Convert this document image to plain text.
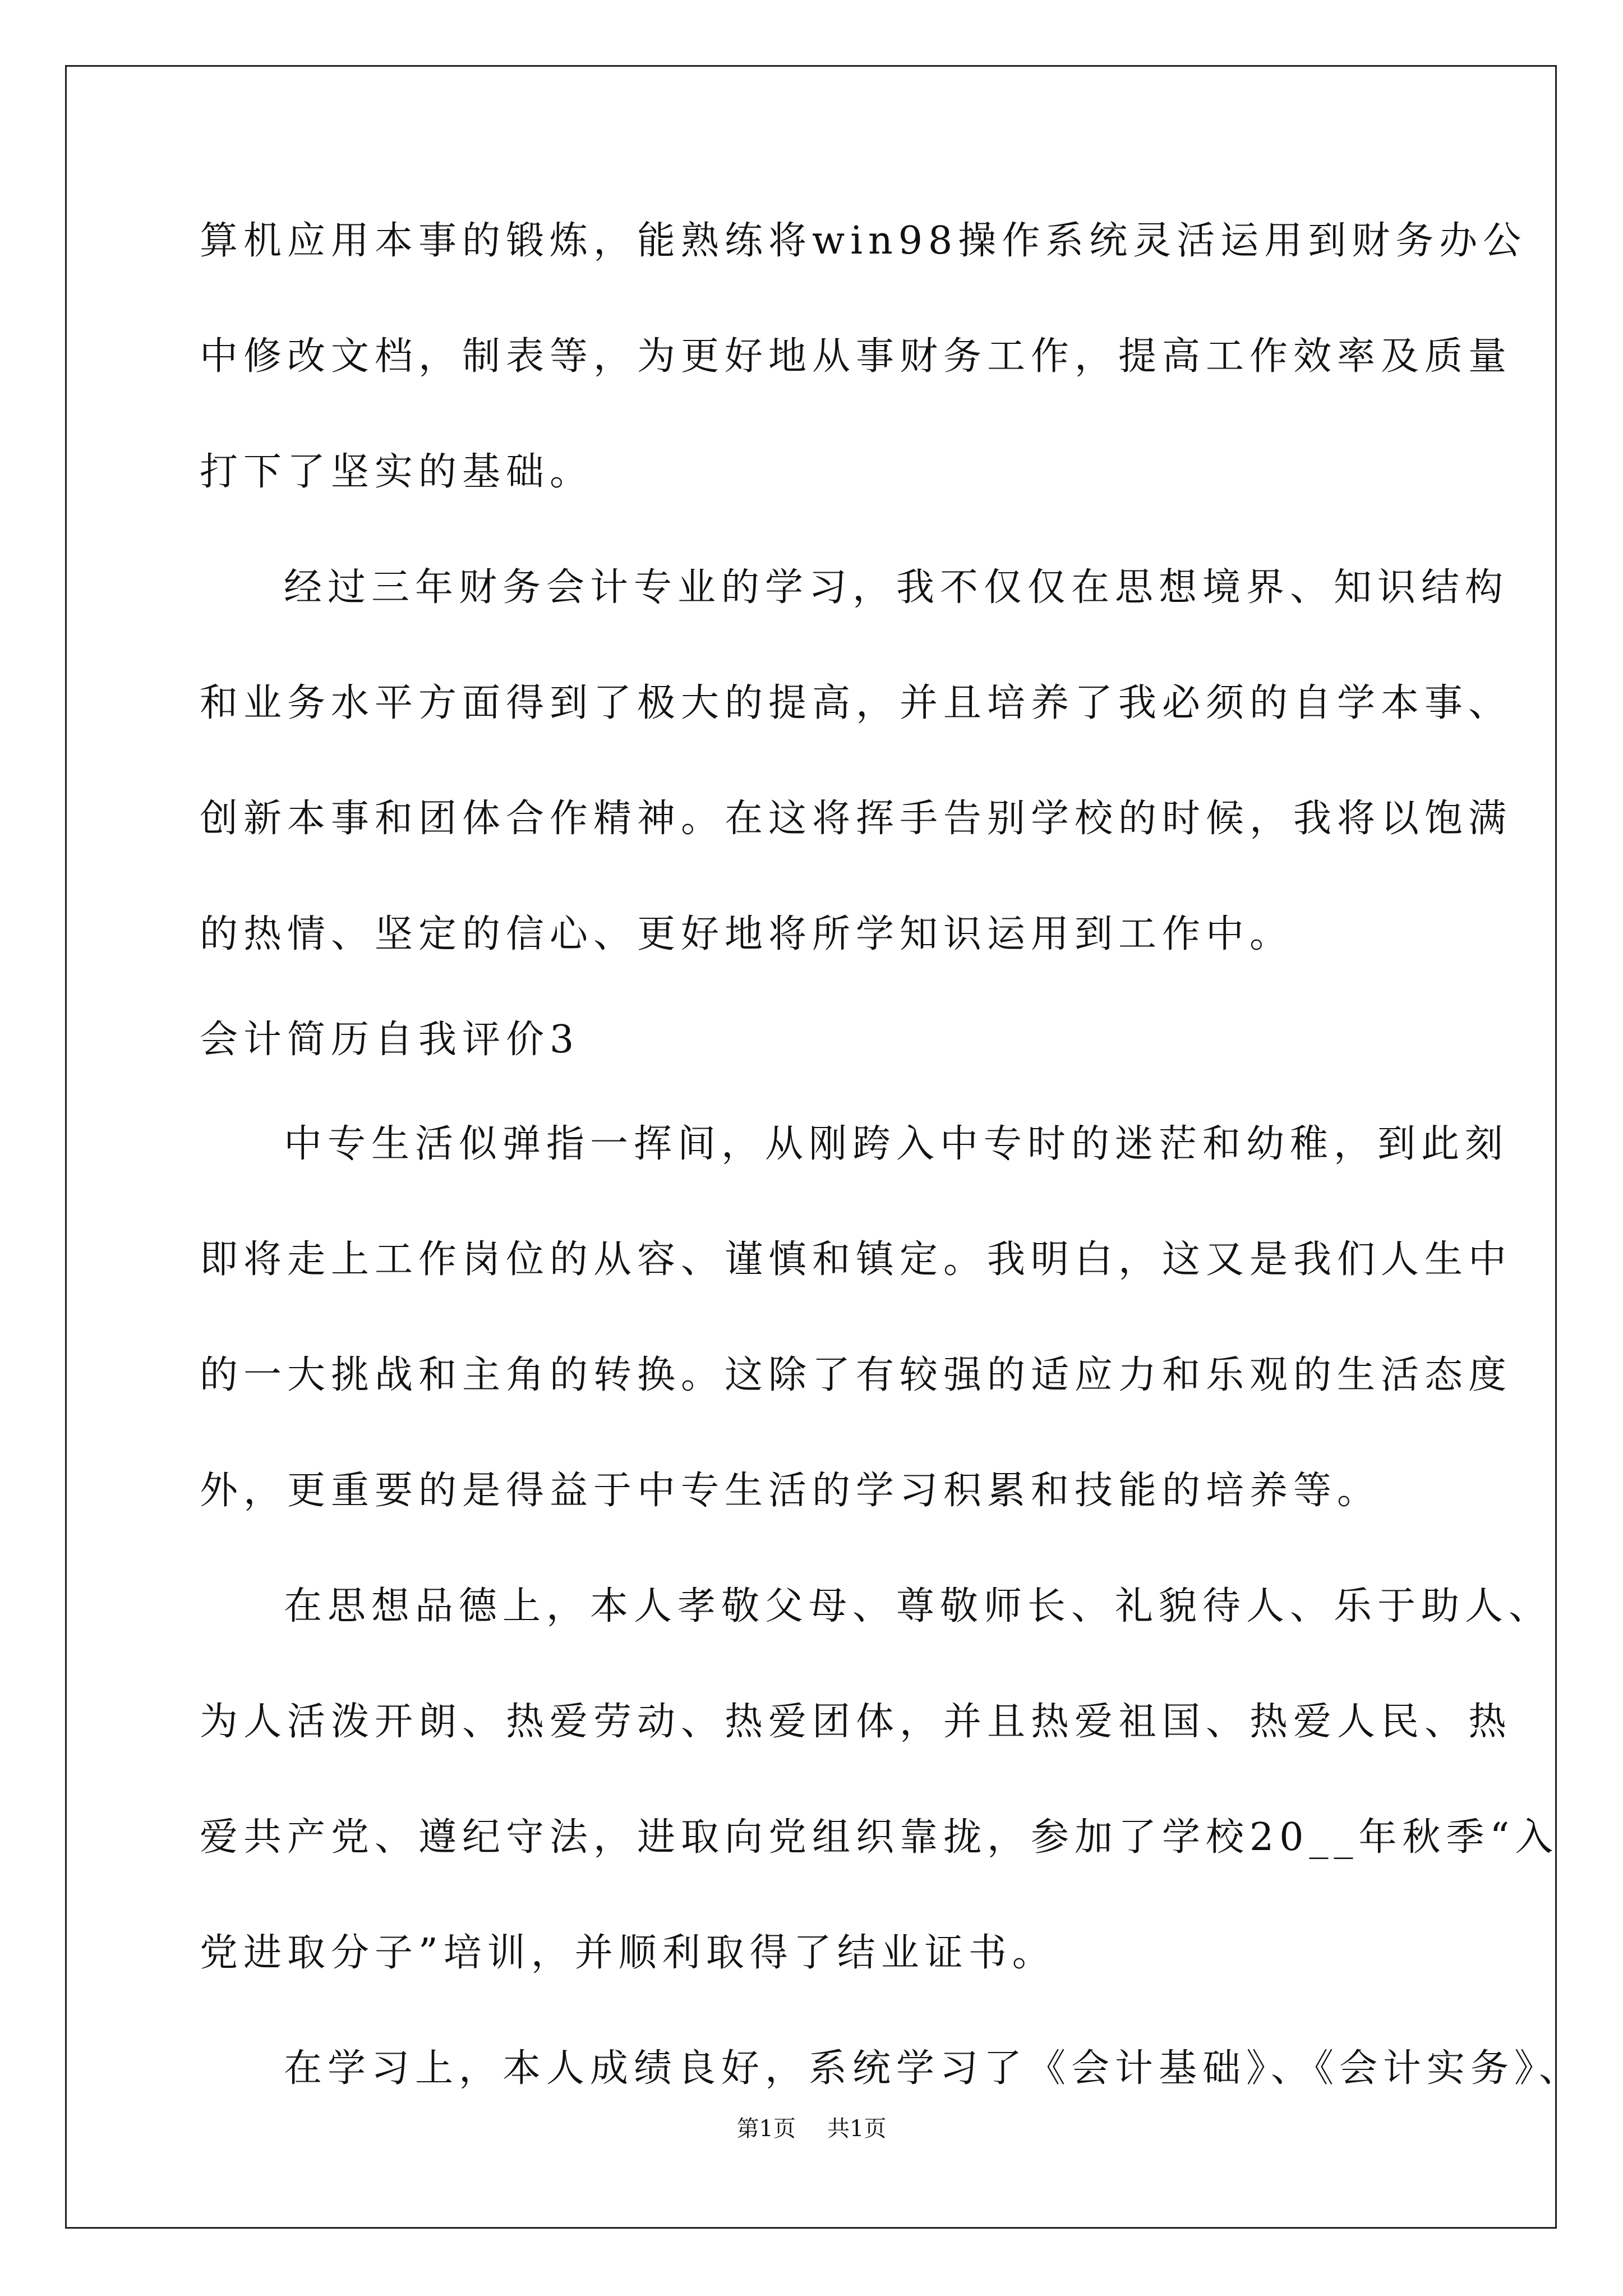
算机应用本事的锻炼，能熟练将win98操作系统灵活运用到财务办公
中修改文档，制表等，为更好地从事财务工作，提高工作效率及质量
打下了坚实的基础。
经过三年财务会计专业的学习，我不仅仅在思想境界、知识结构
和业务水平方面得到了极大的提高，并且培养了我必须的自学本事、
创新本事和团体合作精神。在这将挥手告别学校的时候，我将以饱满
的热情、坚定的信心、更好地将所学知识运用到工作中。
会计简历自我评价3
中专生活似弹指一挥间，从刚跨入中专时的迷茫和幼稚，到此刻
即将走上工作岗位的从容、谨慎和镇定。我明白，这又是我们人生中
的一大挑战和主角的转换。这除了有较强的适应力和乐观的生活态度
外，更重要的是得益于中专生活的学习积累和技能的培养等。
在思想品德上，本人孝敬父母、尊敬师长、礼貌待人、乐于助人、
为人活泼开朗、热爱劳动、热爱团体，并且热爱祖国、热爱人民、热
爱共产党、遵纪守法，进取向党组织靠拢，参加了学校20__年秋季“入
党进取分子”培训，并顺利取得了结业证书。
在学习上，本人成绩良好，系统学习了《会计基础》、《会计实务》、
第1页 共1页
